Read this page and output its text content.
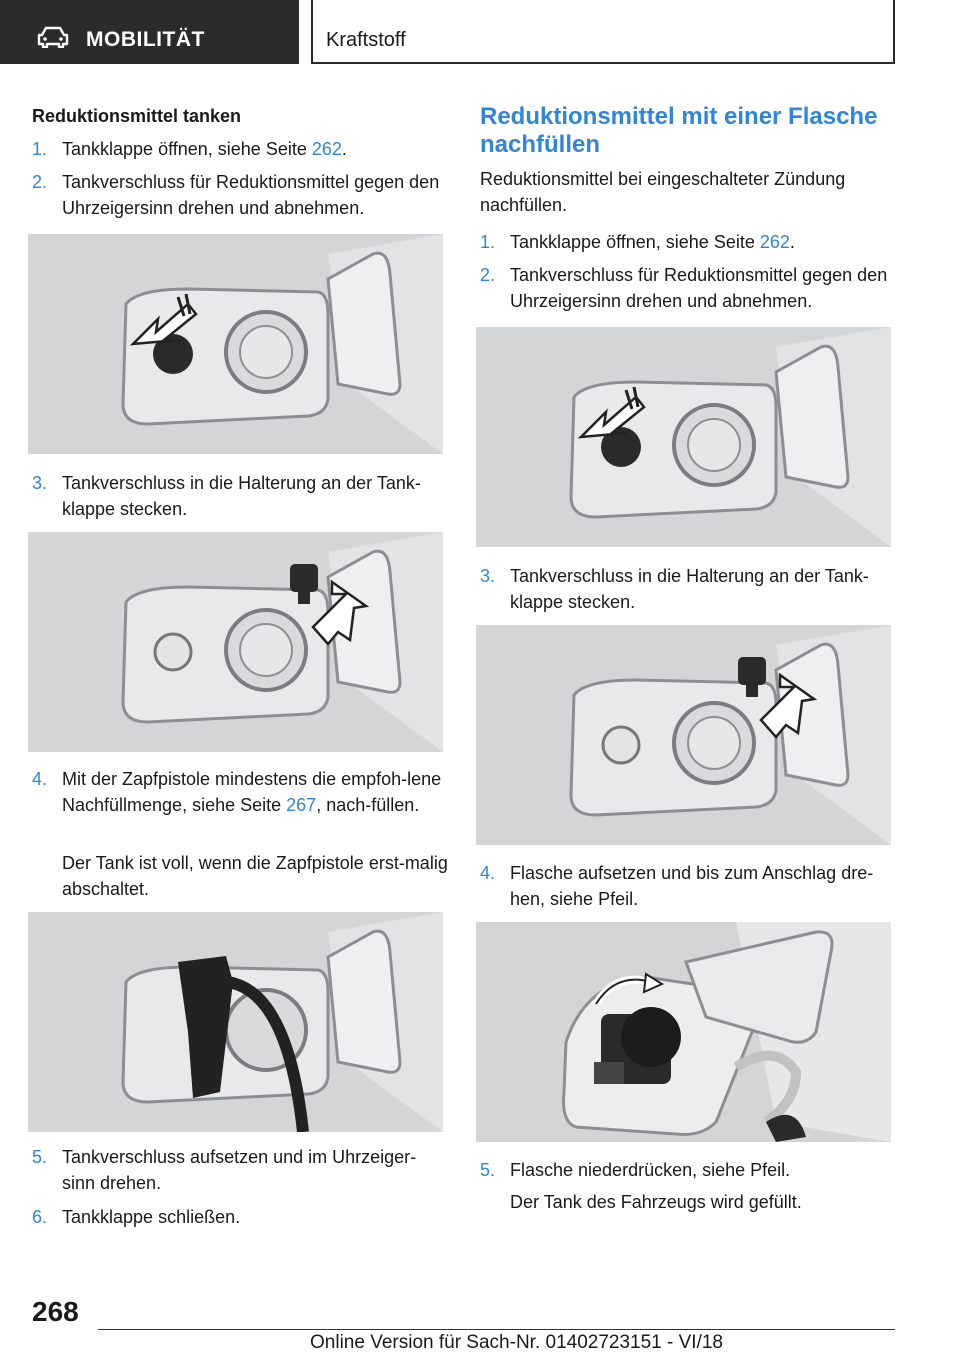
MOBILITÄT	Kraftstoff
Reduktionsmittel tanken
1. Tankklappe öffnen, siehe Seite 262.
2. Tankverschluss für Reduktionsmittel gegen den Uhrzeigersinn drehen und abnehmen.
3. Tankverschluss in die Halterung an der Tank-klappe stecken.
4. Mit der Zapfpistole mindestens die empfoh-lene Nachfüllmenge, siehe Seite 267, nach-füllen.
Der Tank ist voll, wenn die Zapfpistole erst-malig abschaltet.
5. Tankverschluss aufsetzen und im Uhrzeiger-sinn drehen.
6. Tankklappe schließen.
Reduktionsmittel mit einer Flasche nachfüllen
Reduktionsmittel bei eingeschalteter Zündung nachfüllen.
1. Tankklappe öffnen, siehe Seite 262.
2. Tankverschluss für Reduktionsmittel gegen den Uhrzeigersinn drehen und abnehmen.
3. Tankverschluss in die Halterung an der Tank-klappe stecken.
4. Flasche aufsetzen und bis zum Anschlag dre-hen, siehe Pfeil.
5. Flasche niederdrücken, siehe Pfeil.
Der Tank des Fahrzeugs wird gefüllt.
268
Online Version für Sach-Nr. 01402723151 - VI/18
